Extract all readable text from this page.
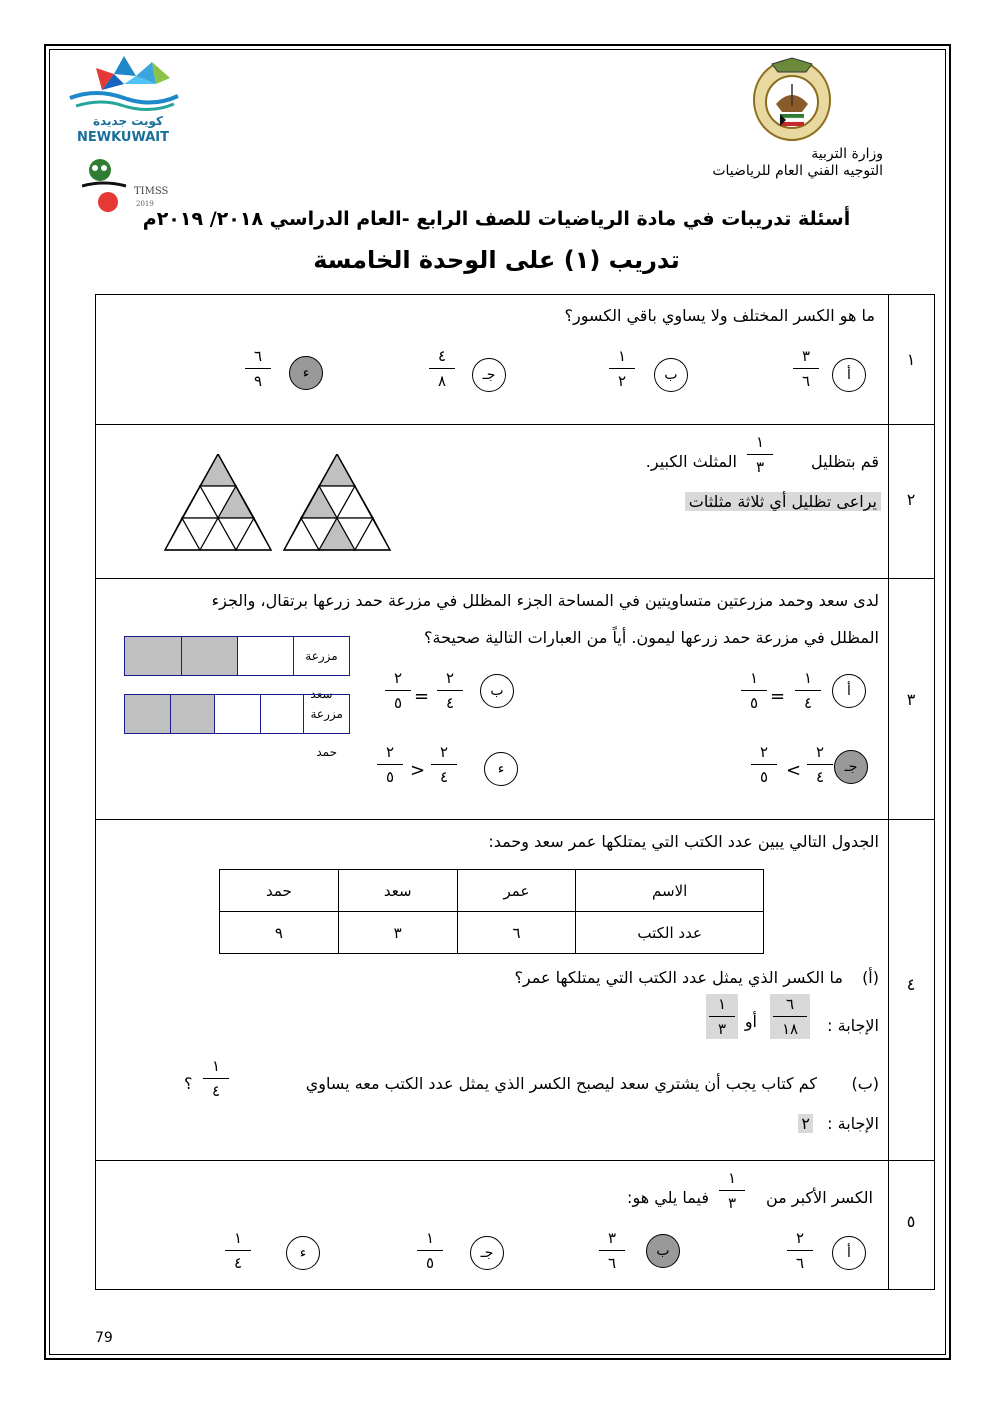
وزارة التربية
التوجيه الفني العام للرياضيات
كويت جديدة
NEWKUWAIT
TIMSS
2019
أسئلة تدريبات في مادة الرياضيات للصف الرابع -العام الدراسي ٢٠١٨/ ٢٠١٩م
تدريب (١) على الوحدة الخامسة
١
٢
٣
٤
٥
ما هو الكسر المختلف ولا يساوي باقي الكسور؟
أ
٣
٦
ب
١
٢
جـ
٤
٨
ء
٦
٩
قم بتظليل
١
٣
المثلث الكبير.
يراعى تظليل أي ثلاثة مثلثات
لدى سعد وحمد مزرعتين متساويتين في المساحة الجزء المظلل في مزرعة حمد زرعها برتقال، والجزء
المظلل في مزرعة حمد زرعها ليمون. أياً من العبارات التالية صحيحة؟
مزرعة سعد
مزرعة حمد
أ
١
٤
=
١
٥
ب
٢
٤
=
٢
٥
جـ
٢
٤
<
٢
٥
ء
٢
٤
>
٢
٥
الجدول التالي يبين عدد الكتب التي يمتلكها عمر سعد وحمد:
الاسم	عمر	سعد	حمد
عدد الكتب	٦	٣	٩
(أ)
ما الكسر الذي يمثل عدد الكتب التي يمتلكها عمر؟
الإجابة :
٦
١٨
أو
١
٣
(ب)
كم كتاب يجب أن يشتري سعد ليصبح الكسر الذي يمثل عدد الكتب معه يساوي
١
٤
؟
الإجابة :
٢
الكسر الأكبر من
١
٣
فيما يلي هو:
أ
٢
٦
ب
٣
٦
جـ
١
٥
ء
١
٤
79
